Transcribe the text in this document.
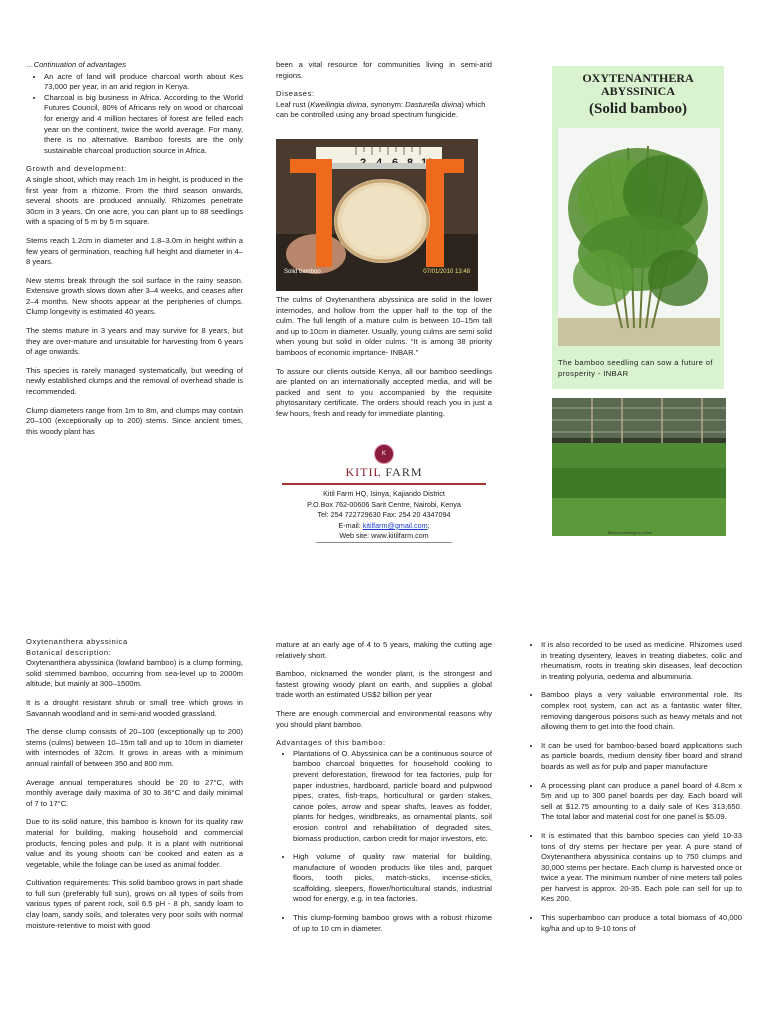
…Continuation of advantages

• An acre of land will produce charcoal worth about Kes 73,000 per year, in an arid region in Kenya.
• Charcoal is big business in Africa. According to the World Futures Council, 80% of Africans rely on wood or charcoal for energy and 4 million hectares of forest are felled each year on the continent, twice the world average. For many, there is no alternative. Bamboo forests are the only sustainable charcoal production source in Africa.
Growth and development:

A single shoot, which may reach 1m in height, is produced in the first year from a rhizome. From the third season onwards, several shoots are produced annually. Rhizomes penetrate 30cm in 3 years. On one acre, you can plant up to 88 seedlings with a spacing of 5 m by 5 m square.

Stems reach 1.2cm in diameter and 1.8–3.0m in height within a few years of germination, reaching full height and diameter in 4–8 years.

New stems break through the soil surface in the rainy season. Extensive growth slows down after 3–4 weeks, and ceases after 2–4 months. New shoots appear at the peripheries of clumps. Clump longevity is estimated 40 years.

The stems mature in 3 years and may survive for 8 years, but they are over-mature and unsuitable for harvesting from 6 years of age onwards.

This species is rarely managed systematically, but weeding of newly established clumps and the removal of overhead shade is recommended.

Clump diameters range from 1m to 8m, and clumps may contain 20–100 (exceptionally up to 200) stems. Since ancient times, this woody plant has

been a vital resource for communities living in semi-arid regions.

Diseases:

Leaf rust (Kweilingia divina, synonym: Dasturella divina) which can be controlled using any broad spectrum fungicide.

Solid bamboo	07/01/2010 13:48

The culms of Oxytenanthera abyssinica are solid in the lower internodes, and hollow from the upper half to the top of the culm. The full length of a mature culm is between 10–15m tall and up to 10cm in diameter. Usually, young culms are semi solid when young but solid in older culms. “It is among 38 priority bamboos of economic imprtance- INBAR.”

To assure our clients outside Kenya, all our bamboo seedlings are planted on an internationally accepted media, and will be packed and sent to you accompanied by the requisite phytosanitary certificate. The orders should reach you in just a few hours, fresh and ready for immediate planting.

K
KITIL FARM
Kitil Farm HQ, Isinya, Kajiando District
P.O.Box 762-00606 Sarit Centre, Nairobi, Kenya
Tel: 254 722729630 Fax: 254 20 4347094
E-mail: kitilfarm@gmail.com;
Web site: www.kitilfarm.com
OXYTENANTHERA ABYSSINICA
(Solid bamboo)
The bamboo seedling can sow a future of prosperity - INBAR
Bamboo seedlings in a shed
Oxytenanthera abyssinica
Botanical description:

Oxytenanthera abyssinica (lowland bamboo) is a clump forming, solid stemmed bamboo, occurring from sea-level up to 2000m altitude, but mainly at 300–1500m.

It is a drought resistant shrub or small tree which grows in Savannah woodland and in semi-arid wooded grassland.

The dense clump consists of 20–100 (exceptionally up to 200) stems (culms) between 10–15m tall and up to 10cm in diameter with internodes of 32cm. It grows in areas with a minimum annual rainfall of between 350 and 800 mm.

Average annual temperatures should be 20 to 27°C, with monthly average daily maxima of 30 to 36°C and daily minimal of 7 to 17°C.

Due to its solid nature, this bamboo is known for its quality raw material for building, making household and commercial products, fencing poles and pulp. It is a plant with nutritional value and its young shoots can be cooked and eaten as a vegetable, while the foliage can be used as animal fodder.

Cultivation requirements: This solid bamboo grows in part shade to full sun (preferably full sun), grows on all types of soils from various types of parent rock, soil 6.5 pH - 8 ph, sandy loam to clay loam, sandy soils, and tolerates very poor soils with normal moisture-retentive to moist with good

mature at an early age of 4 to 5 years, making the cutting age relatively short.

Bamboo, nicknamed the wonder plant, is the strongest and fastest growing woody plant on earth, and supplies a global trade worth an estimated US$2 billion per year

There are enough commercial and environmental reasons why you should plant bamboo.

Advantages of this bamboo:
• Plantations of O. Abyssinica can be a continuous source of bamboo charcoal briquettes for household cooking to prevent deforestation, firewood for tea factories, pulp for paper industries, hardboard, particle board and pulpwood pipes, crates, fish-traps, horticultural or garden stakes, canoe poles, arrow and spear shafts, leaves as fodder, plants for hedges, windbreaks, as ornamental plants, soil erosion control and rehabilitation of degraded sites, biomass production, carbon credit for major investors, etc.
• High volume of quality raw material for building, manufacture of wooden products like tiles and, parquet floors, tooth picks, match-sticks, incense-sticks, scaffolding, sleepers, flower/horticultural stands, industrial wood for energy, e.g. in tea factories.
• This clump-forming bamboo grows with a robust rhizome of up to 10 cm in diameter.
• It is also recorded to be used as medicine. Rhizomes used in treating dysentery, leaves in treating diabetes, colic and rheumatism, roots in treating skin diseases, leaf decoction in treating polyuria, oedema and albuminuria.
• Bamboo plays a very valuable environmental role. Its complex root system, can act as a fantastic water filter, removing dangerous poisons such as heavy metals and not allowing them to get into the food chain.
• It can be used for bamboo-based board applications such as particle boards, medium density fiber board and strand boards as well as for pulp and paper manufacture
• A processing plant can produce a panel board of 4.8cm x 5m and up to 300 panel boards per day. Each board will sell at $12.75 amounting to a daily sale of Kes 313,650. The total labor and material cost for one panel is $5.09.
• It is estimated that this bamboo species can yield 10-33 tons of dry stems per hectare per year. A pure stand of Oxytenanthera abyssinica contains up to 750 clumps and 30,000 stems per hectare. Each clump is harvested once or twice a year. The minimum number of nine meters tall poles per harvest is approx. 20-35. Each pole can sell for up to Kes 200.
• This superbamboo can produce a total biomass of 40,000 kg/ha and up to 9-10 tons of
